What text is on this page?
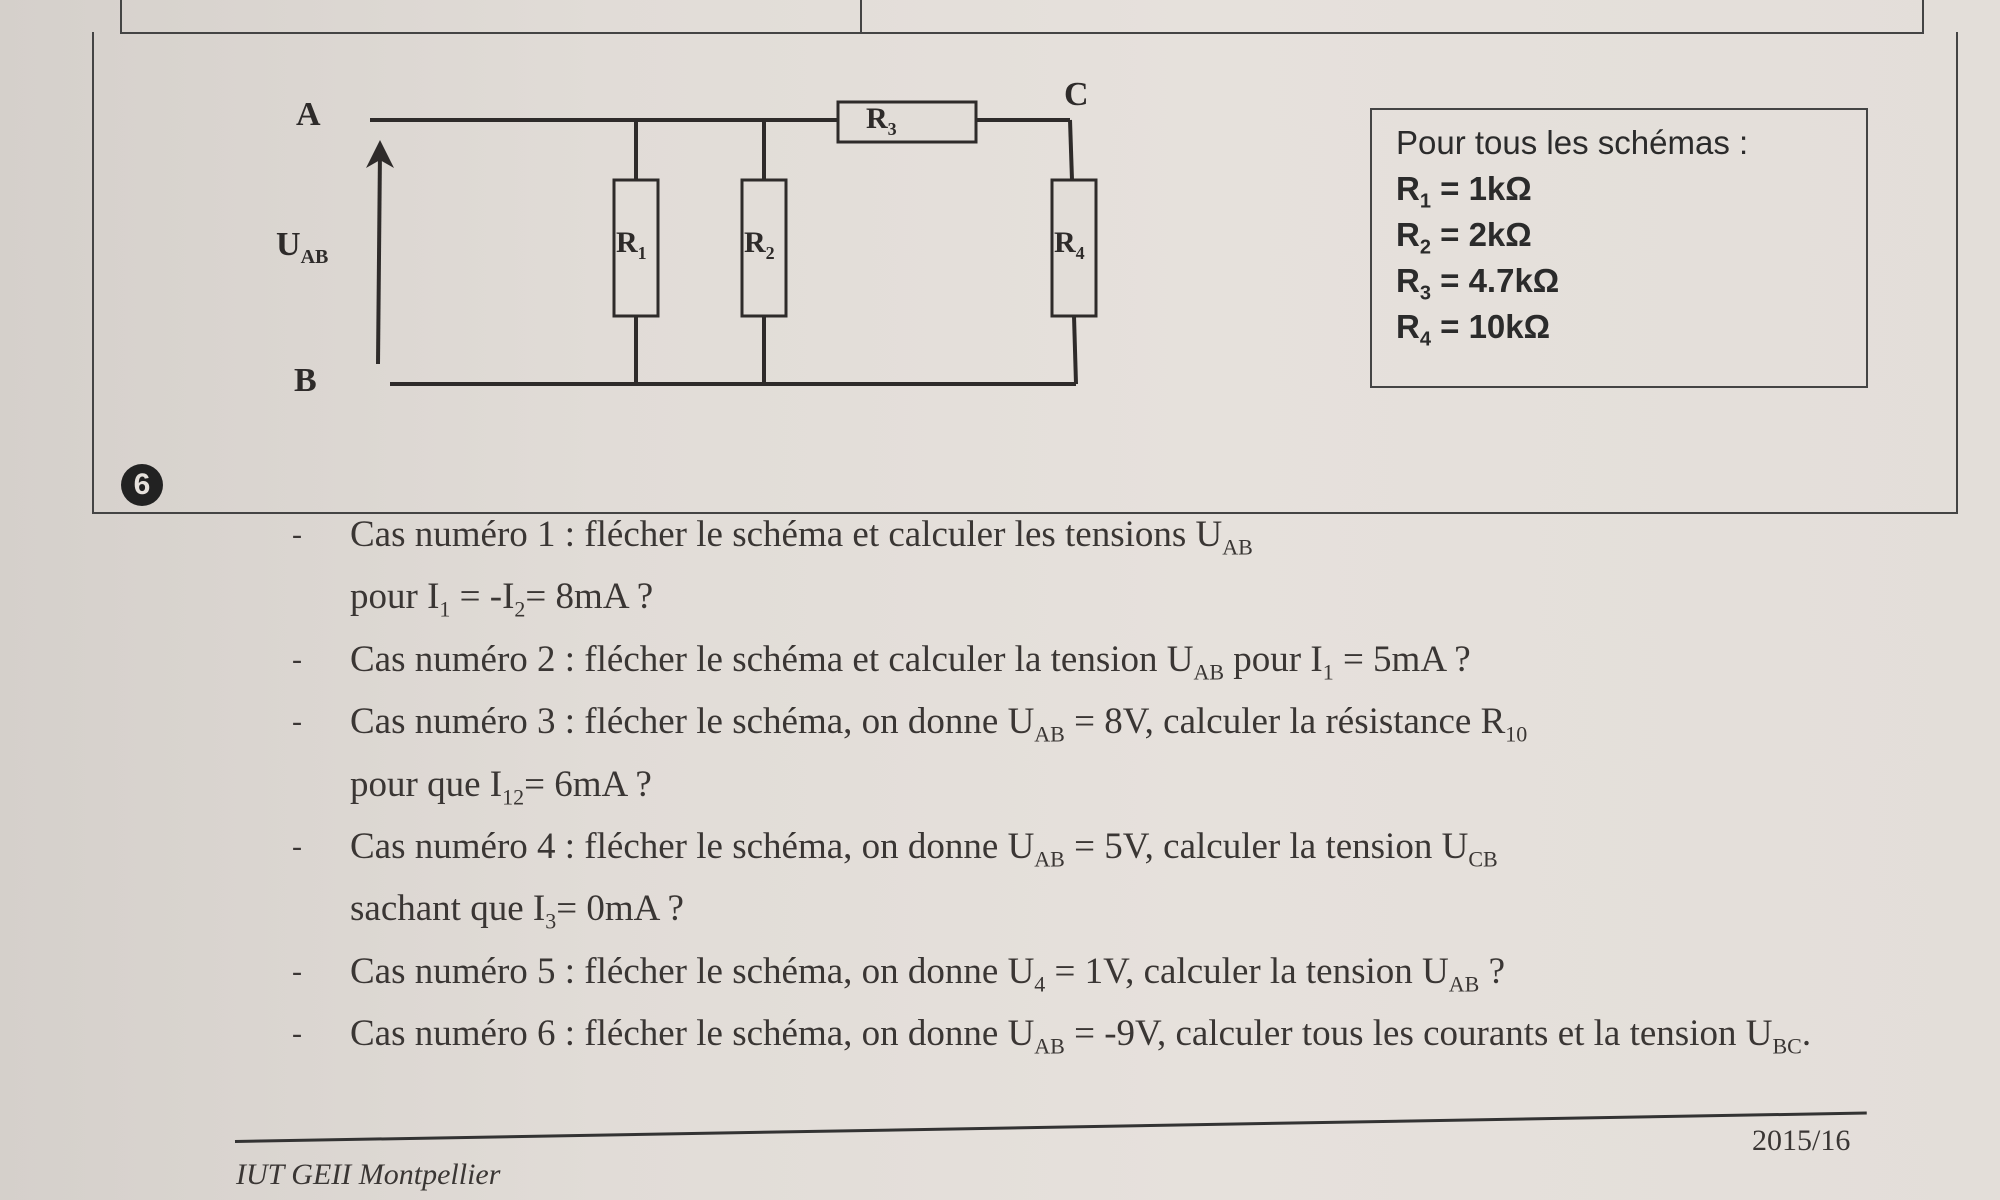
A
B
C
$U_{AB}$
$R_3$
$R_1$	$R_2$	$R_4$
Pour tous les schémas :
$R_1 = 1k\Omega$
$R_2 = 2k\Omega$
$R_3 = 4.7k\Omega$
$R_4 = 10k\Omega$
6
- Cas numéro 1 : flécher le schéma et calculer les tensions $U_{AB}$
pour $I_1 = -I_2= 8mA$ ?
- Cas numéro 2 : flécher le schéma et calculer la tension $U_{AB}$ pour $I_1 = 5mA$ ?
- Cas numéro 3 : flécher le schéma, on donne $U_{AB} = 8V$, calculer la résistance $R_{10}$
pour que $I_{12}= 6mA$ ?
- Cas numéro 4 : flécher le schéma, on donne $U_{AB} = 5V$, calculer la tension $U_{CB}$
sachant que $I_3= 0mA$ ?
- Cas numéro 5 : flécher le schéma, on donne $U_4 = 1V$, calculer la tension $U_{AB}$ ?
- Cas numéro 6 : flécher le schéma, on donne $U_{AB} = -9V$, calculer tous les courants et la tension $U_{BC}$.
2015/16
IUT GEII Montpellier
